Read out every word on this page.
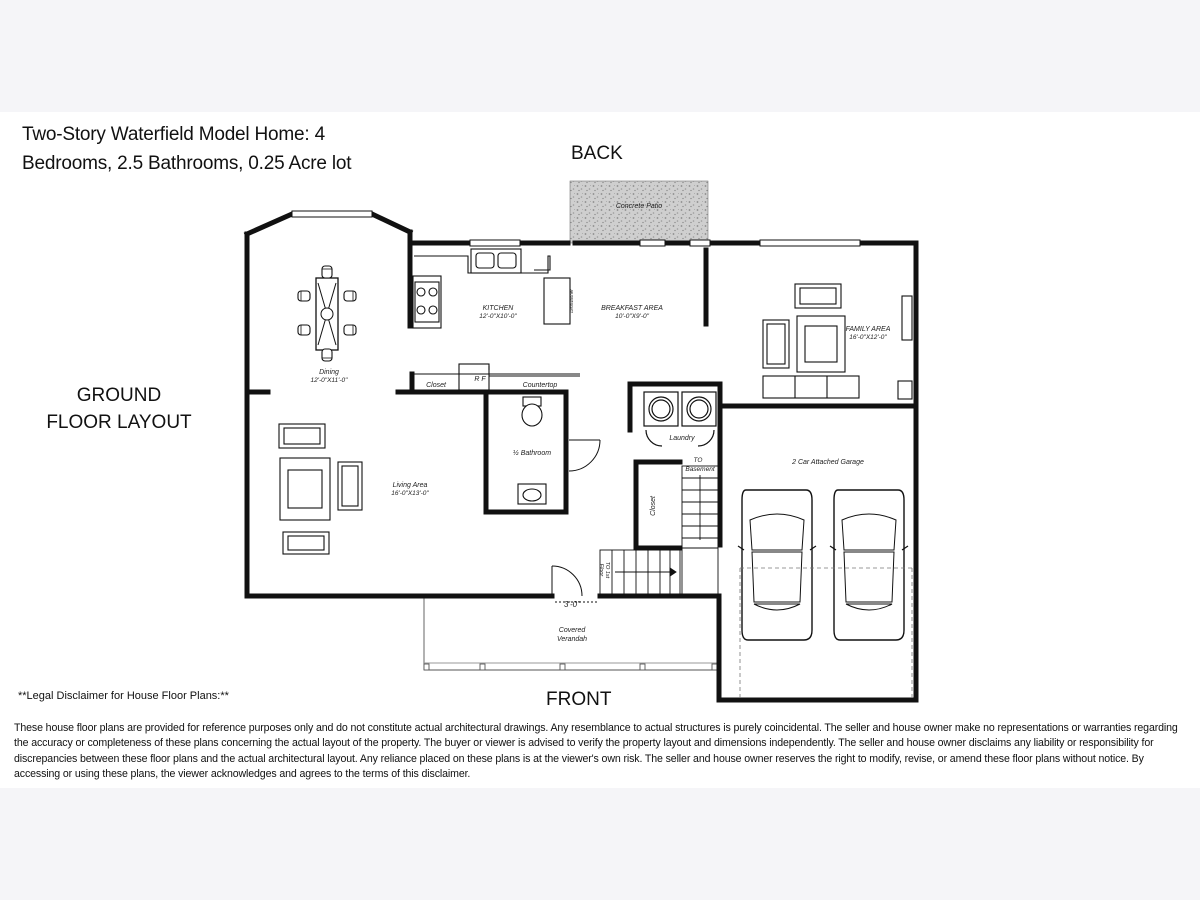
Two-Story Waterfield Model Home: 4
Bedrooms, 2.5 Bathrooms, 0.25 Acre lot	BACK
FRONT
GROUND
FLOOR LAYOUT
Concrete Patio
KITCHEN
12'-0"X10'-0"
Dishwasher	BREAKFAST AREA
10'-0"X9'-0"
FAMILY AREA
16'-0"X12'-0"
Dining
12'-0"X11'-0"
Closet
R F
Countertop
½ Bathroom
Laundry
TO
Basement
2 Car Attached Garage
Living Area
16'-0"X13'-0"
Closet
TO 1st
Floor
3'-0"
Covered
Verandah
**Legal Disclaimer for House Floor Plans:**
These house floor plans are provided for reference purposes only and do not constitute actual architectural drawings. Any resemblance to actual structures is purely coincidental. The seller and house owner make no representations or warranties regarding the accuracy or completeness of these plans concerning the actual layout of the property. The buyer or viewer is advised to verify the property layout and dimensions independently. The seller and house owner disclaims any liability or responsibility for discrepancies between these floor plans and the actual architectural layout. Any reliance placed on these plans is at the viewer's own risk. The seller and house owner reserves the right to modify, revise, or amend these floor plans without notice. By accessing or using these plans, the viewer acknowledges and agrees to the terms of this disclaimer.
